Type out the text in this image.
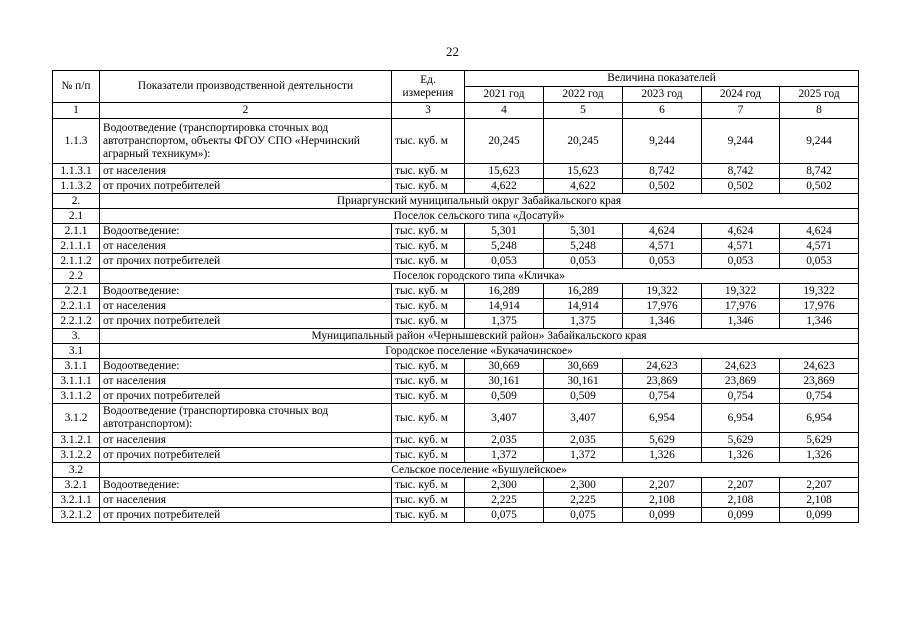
22
№ п/п	Показатели производственной деятельности	Ед. измерения	Величина показателей				
			2021 год	2022 год	2023 год	2024 год	2025 год
1	2	3	4	5	6	7	8
1.1.3	Водоотведение (транспортировка сточных вод автотранспортом, объекты ФГОУ СПО «Нерчинский аграрный техникум»):	тыс. куб. м	20,245	20,245	9,244	9,244	9,244
1.1.3.1	от населения	тыс. куб. м	15,623	15,623	8,742	8,742	8,742
1.1.3.2	от прочих потребителей	тыс. куб. м	4,622	4,622	0,502	0,502	0,502
2.	Приаргунский муниципальный округ Забайкальского края						
2.1	Поселок сельского типа «Досатуй»						
2.1.1	Водоотведение:	тыс. куб. м	5,301	5,301	4,624	4,624	4,624
2.1.1.1	от населения	тыс. куб. м	5,248	5,248	4,571	4,571	4,571
2.1.1.2	от прочих потребителей	тыс. куб. м	0,053	0,053	0,053	0,053	0,053
2.2	Поселок городского типа «Кличка»						
2.2.1	Водоотведение:	тыс. куб. м	16,289	16,289	19,322	19,322	19,322
2.2.1.1	от населения	тыс. куб. м	14,914	14,914	17,976	17,976	17,976
2.2.1.2	от прочих потребителей	тыс. куб. м	1,375	1,375	1,346	1,346	1,346
3.	Муниципальный район «Чернышевский район» Забайкальского края						
3.1	Городское поселение «Букачачинское»						
3.1.1	Водоотведение:	тыс. куб. м	30,669	30,669	24,623	24,623	24,623
3.1.1.1	от населения	тыс. куб. м	30,161	30,161	23,869	23,869	23,869
3.1.1.2	от прочих потребителей	тыс. куб. м	0,509	0,509	0,754	0,754	0,754
3.1.2	Водоотведение (транспортировка сточных вод автотранспортом):	тыс. куб. м	3,407	3,407	6,954	6,954	6,954
3.1.2.1	от населения	тыс. куб. м	2,035	2,035	5,629	5,629	5,629
3.1.2.2	от прочих потребителей	тыс. куб. м	1,372	1,372	1,326	1,326	1,326
3.2	Сельское поселение «Бушулейское»						
3.2.1	Водоотведение:	тыс. куб. м	2,300	2,300	2,207	2,207	2,207
3.2.1.1	от населения	тыс. куб. м	2,225	2,225	2,108	2,108	2,108
3.2.1.2	от прочих потребителей	тыс. куб. м	0,075	0,075	0,099	0,099	0,099
